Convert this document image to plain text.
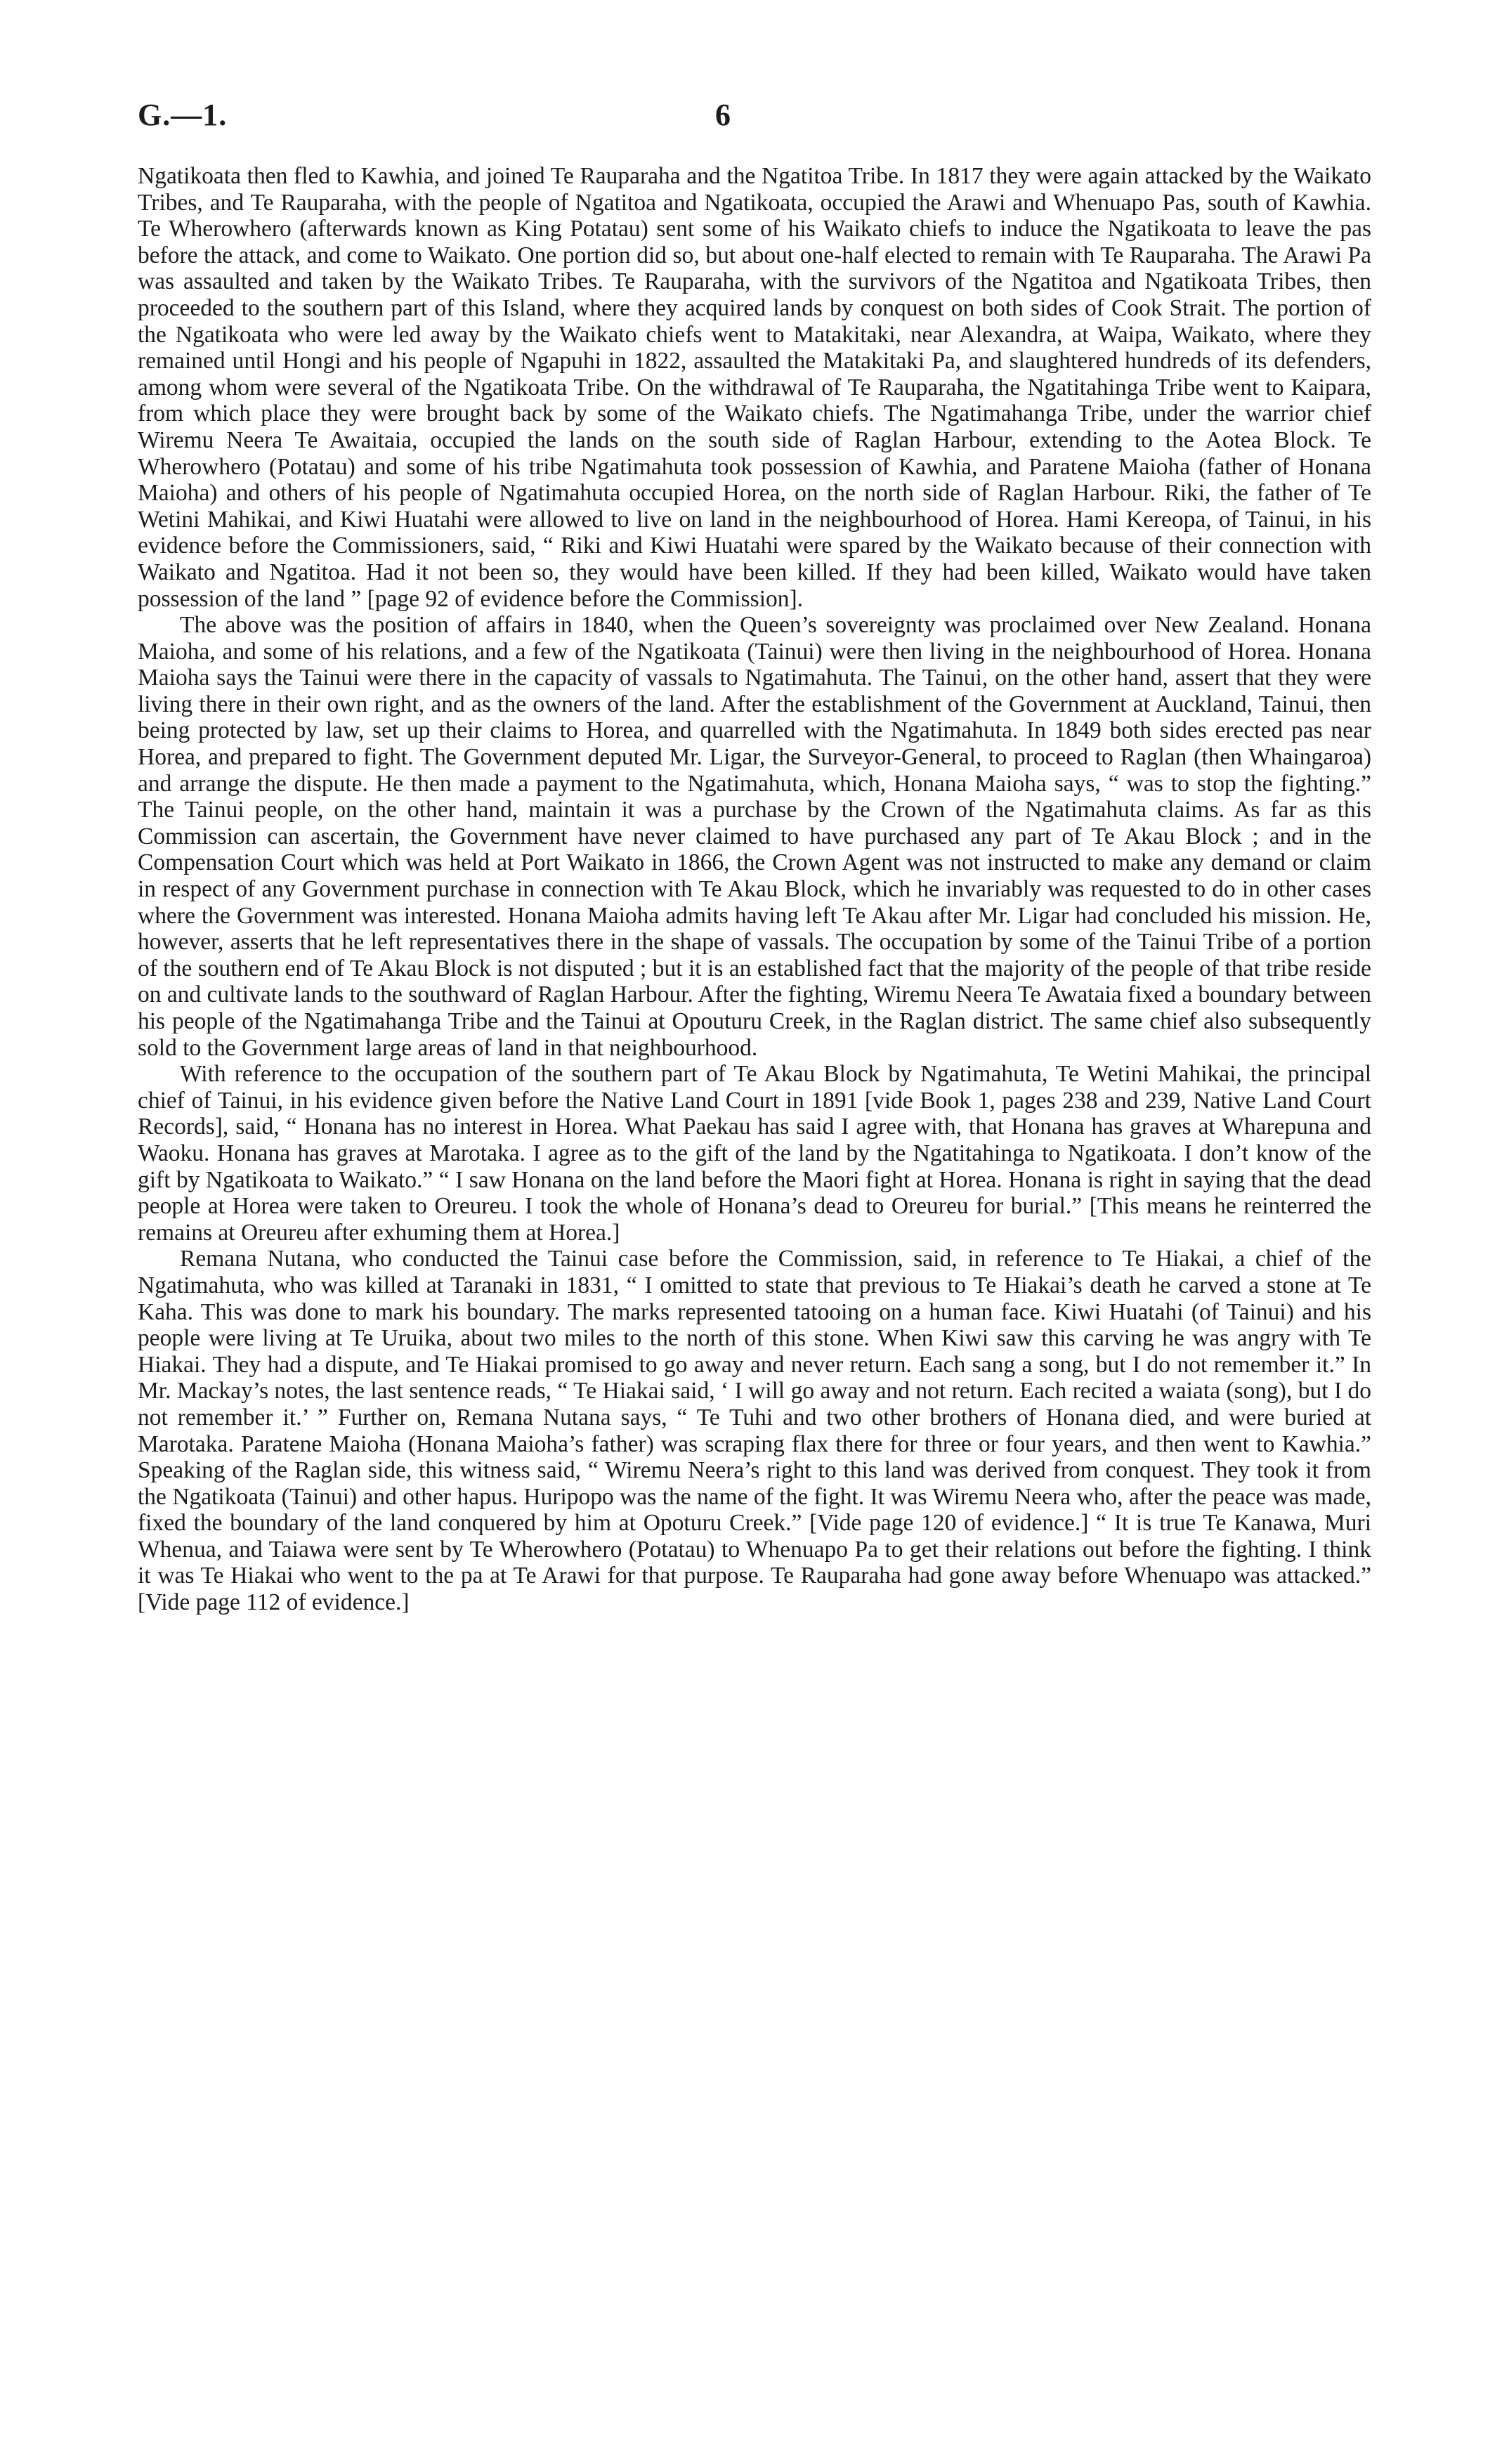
G.—1.	6

Ngatikoata then fled to Kawhia, and joined Te Rauparaha and the Ngatitoa Tribe. In 1817 they were again attacked by the Waikato Tribes, and Te Rauparaha, with the people of Ngatitoa and Ngatikoata, occupied the Arawi and Whenuapo Pas, south of Kawhia. Te Wherowhero (afterwards known as King Potatau) sent some of his Waikato chiefs to induce the Ngatikoata to leave the pas before the attack, and come to Waikato. One portion did so, but about one-half elected to remain with Te Rauparaha. The Arawi Pa was assaulted and taken by the Waikato Tribes. Te Rauparaha, with the survivors of the Ngatitoa and Ngatikoata Tribes, then proceeded to the southern part of this Island, where they acquired lands by conquest on both sides of Cook Strait. The portion of the Ngatikoata who were led away by the Waikato chiefs went to Matakitaki, near Alexandra, at Waipa, Waikato, where they remained until Hongi and his people of Ngapuhi in 1822, assaulted the Matakitaki Pa, and slaughtered hundreds of its defenders, among whom were several of the Ngatikoata Tribe. On the withdrawal of Te Rauparaha, the Ngatitahinga Tribe went to Kaipara, from which place they were brought back by some of the Waikato chiefs. The Ngatimahanga Tribe, under the warrior chief Wiremu Neera Te Awaitaia, occupied the lands on the south side of Raglan Harbour, extending to the Aotea Block. Te Wherowhero (Potatau) and some of his tribe Ngatimahuta took possession of Kawhia, and Paratene Maioha (father of Honana Maioha) and others of his people of Ngatimahuta occupied Horea, on the north side of Raglan Harbour. Riki, the father of Te Wetini Mahikai, and Kiwi Huatahi were allowed to live on land in the neighbourhood of Horea. Hami Kereopa, of Tainui, in his evidence before the Commissioners, said, “ Riki and Kiwi Huatahi were spared by the Waikato because of their connection with Waikato and Ngatitoa. Had it not been so, they would have been killed. If they had been killed, Waikato would have taken possession of the land ” [page 92 of evidence before the Commission].

The above was the position of affairs in 1840, when the Queen’s sovereignty was proclaimed over New Zealand. Honana Maioha, and some of his relations, and a few of the Ngatikoata (Tainui) were then living in the neighbourhood of Horea. Honana Maioha says the Tainui were there in the capacity of vassals to Ngatimahuta. The Tainui, on the other hand, assert that they were living there in their own right, and as the owners of the land. After the establishment of the Government at Auckland, Tainui, then being protected by law, set up their claims to Horea, and quarrelled with the Ngatimahuta. In 1849 both sides erected pas near Horea, and prepared to fight. The Government deputed Mr. Ligar, the Surveyor-General, to proceed to Raglan (then Whaingaroa) and arrange the dispute. He then made a payment to the Ngatimahuta, which, Honana Maioha says, “ was to stop the fighting.” The Tainui people, on the other hand, maintain it was a purchase by the Crown of the Ngatimahuta claims. As far as this Commission can ascertain, the Government have never claimed to have purchased any part of Te Akau Block ; and in the Compensation Court which was held at Port Waikato in 1866, the Crown Agent was not instructed to make any demand or claim in respect of any Government purchase in connection with Te Akau Block, which he invariably was requested to do in other cases where the Government was interested. Honana Maioha admits having left Te Akau after Mr. Ligar had concluded his mission. He, however, asserts that he left representatives there in the shape of vassals. The occupation by some of the Tainui Tribe of a portion of the southern end of Te Akau Block is not disputed ; but it is an established fact that the majority of the people of that tribe reside on and cultivate lands to the southward of Raglan Harbour. After the fighting, Wiremu Neera Te Awataia fixed a boundary between his people of the Ngatimahanga Tribe and the Tainui at Opouturu Creek, in the Raglan district. The same chief also subsequently sold to the Government large areas of land in that neighbourhood.

With reference to the occupation of the southern part of Te Akau Block by Ngatimahuta, Te Wetini Mahikai, the principal chief of Tainui, in his evidence given before the Native Land Court in 1891 [vide Book 1, pages 238 and 239, Native Land Court Records], said, “ Honana has no interest in Horea. What Paekau has said I agree with, that Honana has graves at Wharepuna and Waoku. Honana has graves at Marotaka. I agree as to the gift of the land by the Ngatitahinga to Ngatikoata. I don’t know of the gift by Ngatikoata to Waikato.” “ I saw Honana on the land before the Maori fight at Horea. Honana is right in saying that the dead people at Horea were taken to Oreureu. I took the whole of Honana’s dead to Oreureu for burial.” [This means he reinterred the remains at Oreureu after exhuming them at Horea.]

Remana Nutana, who conducted the Tainui case before the Commission, said, in reference to Te Hiakai, a chief of the Ngatimahuta, who was killed at Taranaki in 1831, “ I omitted to state that previous to Te Hiakai’s death he carved a stone at Te Kaha. This was done to mark his boundary. The marks represented tatooing on a human face. Kiwi Huatahi (of Tainui) and his people were living at Te Uruika, about two miles to the north of this stone. When Kiwi saw this carving he was angry with Te Hiakai. They had a dispute, and Te Hiakai promised to go away and never return. Each sang a song, but I do not remember it.” In Mr. Mackay’s notes, the last sentence reads, “ Te Hiakai said, ‘ I will go away and not return. Each recited a waiata (song), but I do not remember it.’ ” Further on, Remana Nutana says, “ Te Tuhi and two other brothers of Honana died, and were buried at Marotaka. Paratene Maioha (Honana Maioha’s father) was scraping flax there for three or four years, and then went to Kawhia.” Speaking of the Raglan side, this witness said, “ Wiremu Neera’s right to this land was derived from conquest. They took it from the Ngatikoata (Tainui) and other hapus. Huripopo was the name of the fight. It was Wiremu Neera who, after the peace was made, fixed the boundary of the land conquered by him at Opoturu Creek.” [Vide page 120 of evidence.] “ It is true Te Kanawa, Muri Whenua, and Taiawa were sent by Te Wherowhero (Potatau) to Whenuapo Pa to get their relations out before the fighting. I think it was Te Hiakai who went to the pa at Te Arawi for that purpose. Te Rauparaha had gone away before Whenuapo was attacked.” [Vide page 112 of evidence.]
